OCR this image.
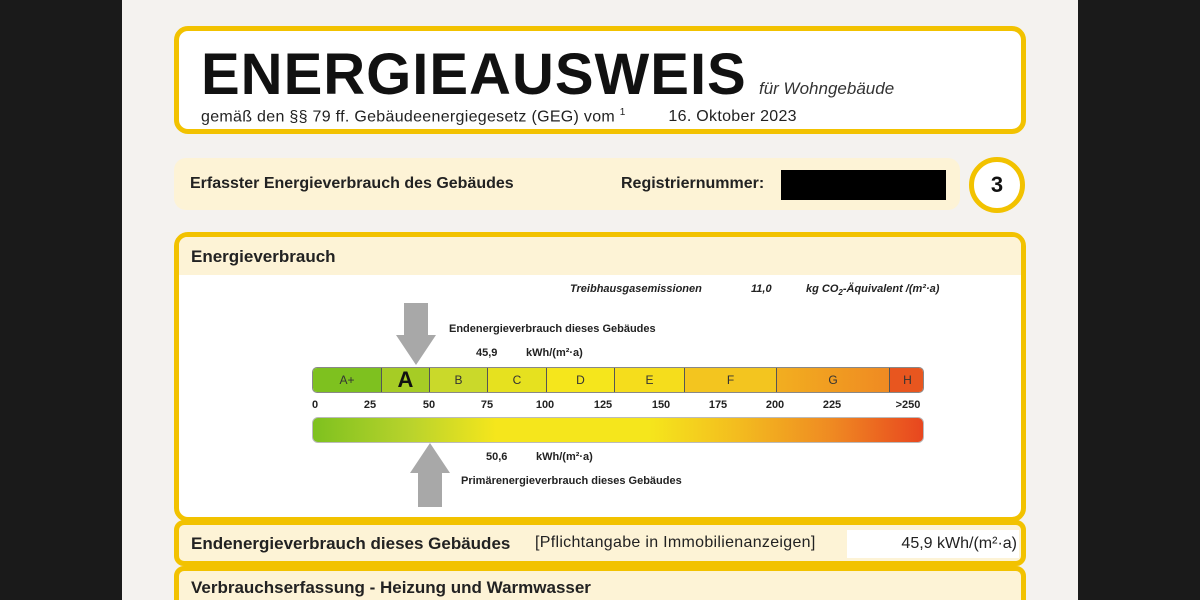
ENERGIEAUSWEIS für Wohngebäude
gemäß den §§ 79 ff. Gebäudeenergiegesetz (GEG) vom $^1$	16. Oktober 2023
Erfasster Energieverbrauch des Gebäudes	Registriernummer:	3
Energieverbrauch
Treibhausgasemissionen	11,0	kg $CO_2$-Äquivalent /(m²·a)
Endenergieverbrauch dieses Gebäudes
45,9	kWh/(m²·a)
A+	A	B	C	D	E	F	G	H
0	25	50	75	100	125	150	175	200	225	>250
50,6	kWh/(m²·a)
Primärenergieverbrauch dieses Gebäudes
Endenergieverbrauch dieses Gebäudes [Pflichtangabe in Immobilienanzeigen]	45,9 kWh/(m²·a)
Verbrauchserfassung - Heizung und Warmwasser
